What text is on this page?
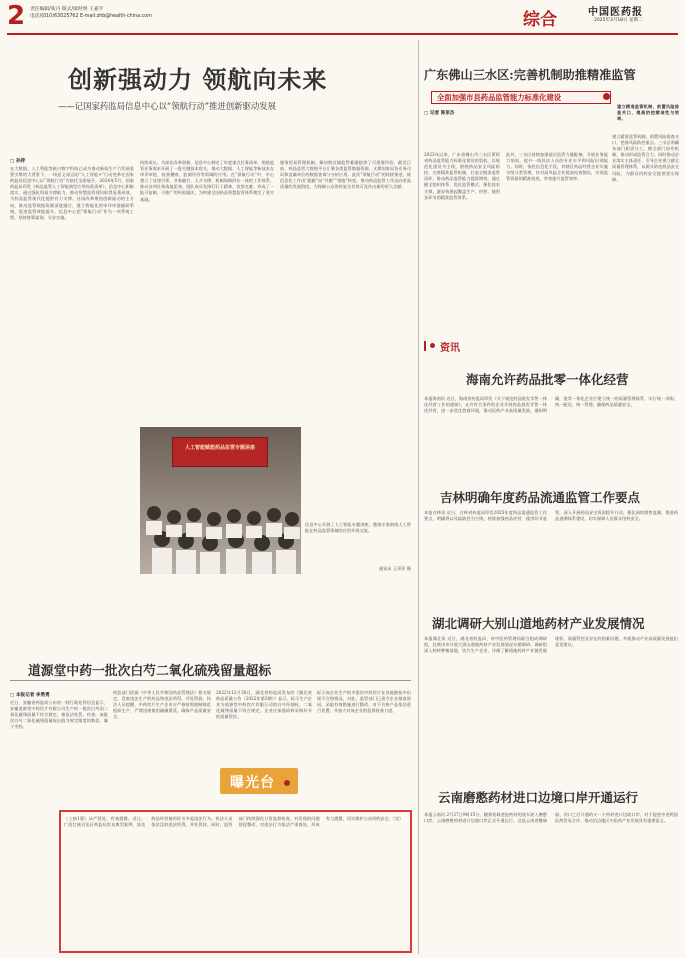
2 责任编辑/张丹 版式/梁时明 王嘉平
电话/(010)63025762 E-mail:zhb@health-china.com	综合	中国医药报
2025年3月18日 星期二
创新强动力 领航向未来
——记国家药监局信息中心以“领航行动”推进创新驱动发展
□ 孙萍
在大数据、人工智能等新兴数字科技已成为推动新质生产力发展重要引擎的大背景下，一场意义深远的“人工智能+”行动变革在国家药监局信息中心以“领航行动”为依托全面展开。2024年5月，国家药监局印发《药品监管人工智能典型应用场景清单》，信息中心积极落实。通过强化科技支撑能力，推动智慧监管建设取得显著成效，为药品监管现代化提供有力支撑。这场改革聚焦创新驱动的主方向，推动监管数据资源深度融合，建立智能化的审评审批辅助系统，促进监管效能提升。信息中心把“领航行动”作为一项系统工程，坚持统筹谋划、分步实施。
持续成长。为深化改革创新，信息中心制定了年度重点任务清单，围绕监管业务需求开展了一批关键技术攻关，推动大数据、人工智能等新技术在审评审批、检查稽查、监测评价等领域的应用。在“领航行动”中，中心建立了党建引领、业务融合、人才支撑、机制保障四位一体的工作体系，推动各项任务落地见效。团队成员发扬钉钉子精神，攻坚克难，形成了一批可复制、可推广的经验做法，为构建全国药品智慧监管体系奠定了坚实基础。
服务贸易管理机制，解决跨区域监管难题提供了可借鉴经验。截至目前，药品监管大数据平台汇聚各类监管数据资源，支撑国家局各业务司局和直属单位的数据查询与分析应用。此次“领航行动”的持续推进，使信息化工作由“跟跑”向“并跑”“领跑”转变，推动药品监管工作迈向更高质量的发展阶段，为保障公众用药安全有效可及作出新的更大贡献。
人工智能赋能药品监管专题讲座
信息中心开展了人工智能专题讲座，邀请专家围绕人工智能在药品监管领域的应用开展交流。
通讯员 王萍萍 摄
广东佛山三水区:完善机制助推精准监管
全面加强市县药品监管能力标准化建设
建立精准监管机制，前置风险排查关口，提高防控精准性与效率。
□ 记者 陈家杰
2023年以来，广东省佛山市三水区紧抓省药品监管能力标准化建设的契机，以规范化建设为主线，围绕药品安全风险防控，完善精准监管机制，打造全链条监管闭环，推动药品监管能力提质增效。通过健全组织体系、优化监管模式、强化技术支撑，逐步构建起覆盖生产、经营、使用各环节的精准监管体系。
此外，三水区持续加强基层监管力量配备，开展业务能力培训，提升一线执法人员的专业水平和风险识别能力。同时，依托信息化手段，对辖区药品经营企业实施分级分类管理，针对高风险企业提高检查频次，实现监管资源的精准投放，有效提升监管效率。
建立精准监管机制，前置风险排查关口，把准风险防控重点。三水区明确各部门职责分工，健全部门协作机制，推动形成监管合力。同时推动企业落实主体责任，引导企业建立健全质量管理体系，从源头防范药品安全风险，为群众用药安全提供坚实保障。
资讯
海南允许药品批零一体化经营
本报海南讯 近日，海南省药监局印发《关于规范药品批发零售一体化经营工作的通知》，允许符合条件的企业开展药品批发零售一体化经营，进一步优化营商环境，推动医药产业高质量发展。通知明确，批零一体化企业应建立统一的质量管理体系，实行统一采购、统一配送、统一管理，确保药品质量安全。
吉林明确年度药品流通监管工作要点
本报吉林讯 近日，吉林省药监局印发2025年度药品流通监管工作要点，明确将以风险防控为主线，持续加强药品经营、使用环节监管，深入开展药品安全巩固提升行动，强化网络销售监测，推进药品追溯体系建设，切实保障人民群众用药安全。
道源堂中药一批次白芍二氧化硫残留量超标
□ 本报记者 李勇勇
近日，安徽省药监局公布的一则行政处罚信息显示，安徽道源堂中药饮片有限公司生产的一批次白芍因二氧化硫残留量不符合规定，被依法处罚。经查，该批次白芍二氧化硫残留量检出值为规定限度的数倍，属于劣药。
药监部门依据《中华人民共和国药品管理法》相关规定，没收违法生产的药品和违法所得，并处罚款。执法人员提醒，中药饮片生产企业应严格按照炮制规范组织生产，严禁违规使用硫磺熏蒸，确保产品质量安全。
2022年12月30日，湖北省药监局发布的《湖北省药品质量公告（2022年第3期）》显示，标示生产企业为道源堂中药饮片有限公司的白芍经抽检，二氧化硫残留量不符合规定。企业应加强原料采购环节的质量管控。
标示该企业生产的多批次中药饮片在各地抽检中出现不合格情况。对此，监管部门已责令企业排查原因，采取有效措施进行整改，对不合格产品依法进行处置，并加大对该企业的监督检查力度。
曝光台
（上接1版）从严惩处，有效震慑。近日，广西壮族自治区药监局发布典型案例，涉及药品经营使用环节多起违法行为。执法人员依法没收违法所得，并处罚款。同时，监管部门持续强化日常监督检查，对发现的问题督促整改，对违法行为依法严肃查处，形成有力震慑，切实维护公众用药安全。（完）
湖北调研大别山道地药材产业发展情况
本报湖北讯 近日，湖北省药监局、省中医药管理局联合组成调研组，赴黄冈市开展大别山道地药材产业发展情况专题调研。调研组深入药材种植基地、饮片生产企业，详细了解道地药材产业链发展现状、质量管控及存在的困难问题，并就推动产业高质量发展提出意见建议。
云南磨憨药材进口边境口岸开通运行
本报云南讯 2月27日9时15分，随着装载老挝药材的货车驶入磨憨口岸，云南磨憨药材进口边境口岸正式开通运行。这是云南省继瑞丽、河口之后开通的又一个药材进口边境口岸，对于促进中老两国医药贸易合作、推动沿边地区中医药产业发展具有重要意义。
